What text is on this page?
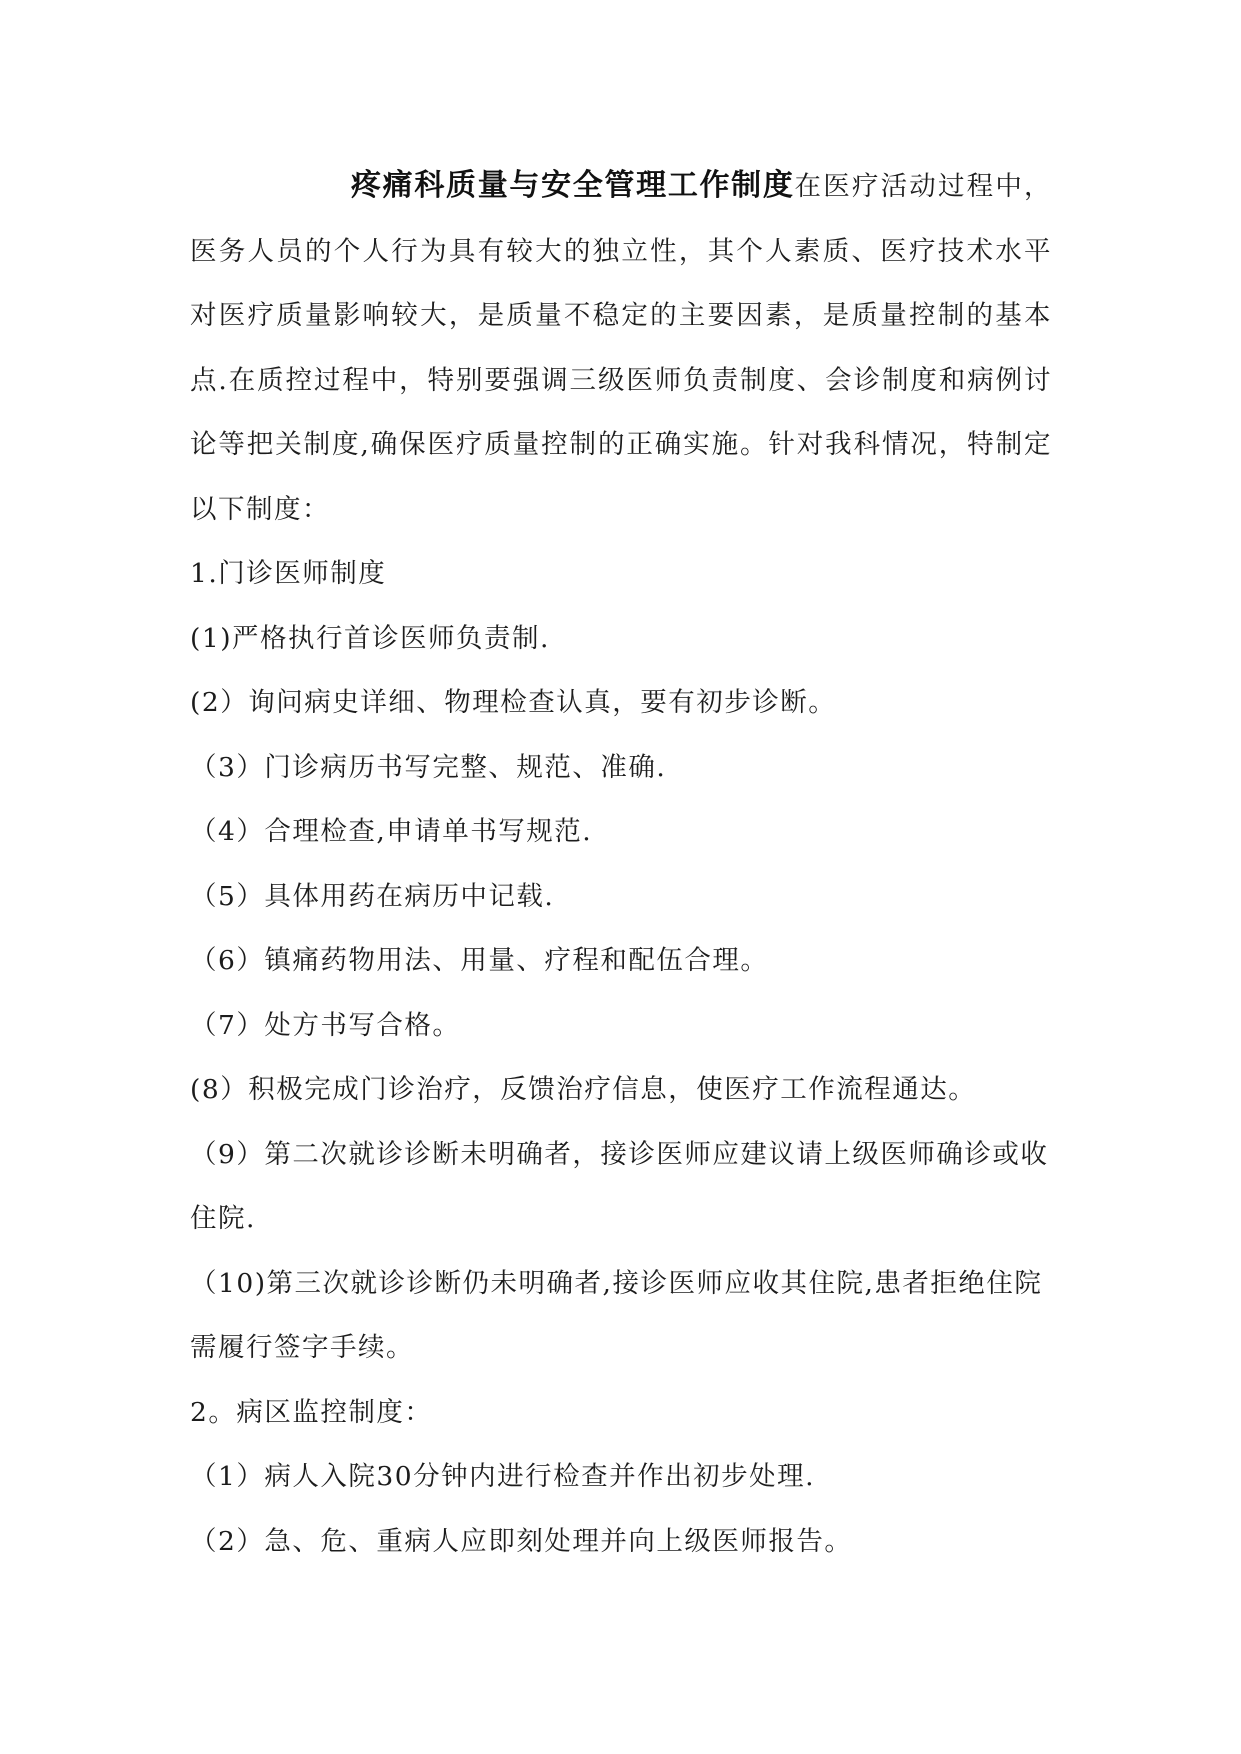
疼痛科质量与安全管理工作制度在医疗活动过程中，医务人员的个人行为具有较大的独立性，其个人素质、医疗技术水平对医疗质量影响较大，是质量不稳定的主要因素，是质量控制的基本点.在质控过程中，特别要强调三级医师负责制度、会诊制度和病例讨论等把关制度,确保医疗质量控制的正确实施。针对我科情况，特制定以下制度：

1.门诊医师制度

(1)严格执行首诊医师负责制.

(2）询问病史详细、物理检查认真，要有初步诊断。

（3）门诊病历书写完整、规范、准确.

（4）合理检查,申请单书写规范.

（5）具体用药在病历中记载.

（6）镇痛药物用法、用量、疗程和配伍合理。

（7）处方书写合格。

(8）积极完成门诊治疗，反馈治疗信息，使医疗工作流程通达。

（9）第二次就诊诊断未明确者，接诊医师应建议请上级医师确诊或收住院.

（10)第三次就诊诊断仍未明确者,接诊医师应收其住院,患者拒绝住院需履行签字手续。

2。病区监控制度：

（1）病人入院30分钟内进行检查并作出初步处理.

（2）急、危、重病人应即刻处理并向上级医师报告。
